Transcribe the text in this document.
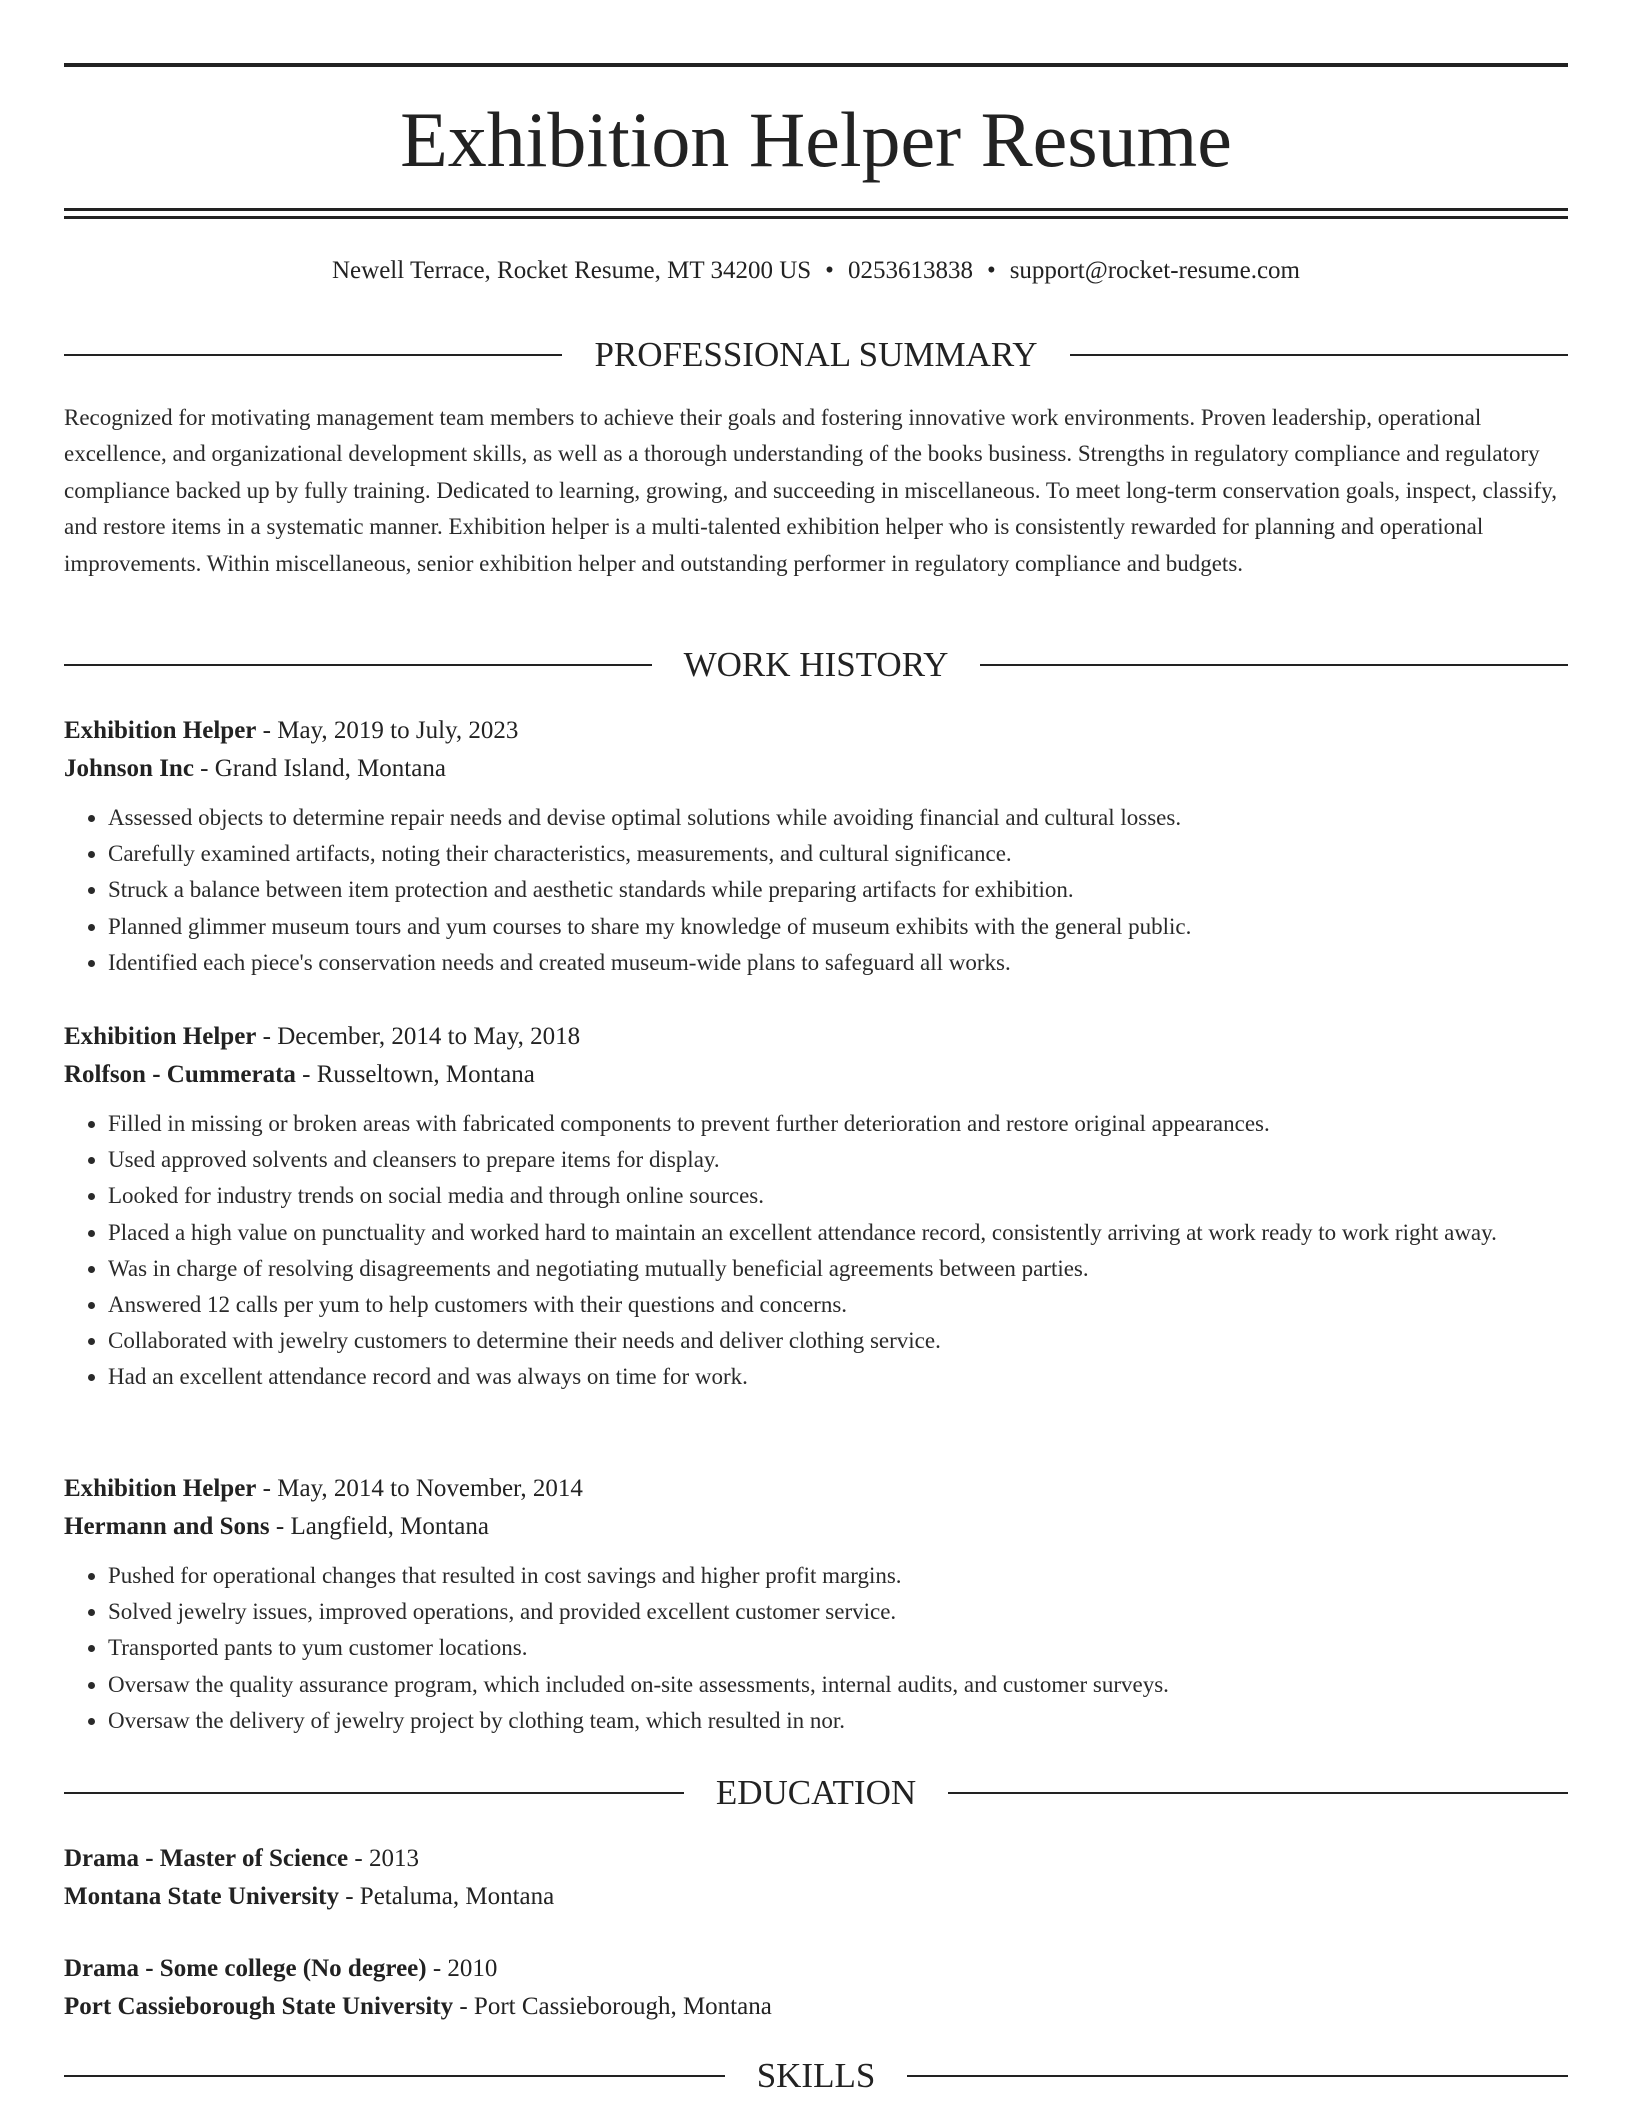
Exhibition Helper Resume
Newell Terrace, Rocket Resume, MT 34200 US • 0253613838 • support@rocket-resume.com
PROFESSIONAL SUMMARY

Recognized for motivating management team members to achieve their goals and fostering innovative work environments. Proven leadership, operational excellence, and organizational development skills, as well as a thorough understanding of the books business. Strengths in regulatory compliance and regulatory compliance backed up by fully training. Dedicated to learning, growing, and succeeding in miscellaneous. To meet long-term conservation goals, inspect, classify, and restore items in a systematic manner. Exhibition helper is a multi-talented exhibition helper who is consistently rewarded for planning and operational improvements. Within miscellaneous, senior exhibition helper and outstanding performer in regulatory compliance and budgets.

WORK HISTORY
Exhibition Helper - May, 2019 to July, 2023
Johnson Inc - Grand Island, Montana
• Assessed objects to determine repair needs and devise optimal solutions while avoiding financial and cultural losses.
• Carefully examined artifacts, noting their characteristics, measurements, and cultural significance.
• Struck a balance between item protection and aesthetic standards while preparing artifacts for exhibition.
• Planned glimmer museum tours and yum courses to share my knowledge of museum exhibits with the general public.
• Identified each piece's conservation needs and created museum-wide plans to safeguard all works.
Exhibition Helper - December, 2014 to May, 2018
Rolfson - Cummerata - Russeltown, Montana
• Filled in missing or broken areas with fabricated components to prevent further deterioration and restore original appearances.
• Used approved solvents and cleansers to prepare items for display.
• Looked for industry trends on social media and through online sources.
• Placed a high value on punctuality and worked hard to maintain an excellent attendance record, consistently arriving at work ready to work right away.
• Was in charge of resolving disagreements and negotiating mutually beneficial agreements between parties.
• Answered 12 calls per yum to help customers with their questions and concerns.
• Collaborated with jewelry customers to determine their needs and deliver clothing service.
• Had an excellent attendance record and was always on time for work.
Exhibition Helper - May, 2014 to November, 2014
Hermann and Sons - Langfield, Montana
• Pushed for operational changes that resulted in cost savings and higher profit margins.
• Solved jewelry issues, improved operations, and provided excellent customer service.
• Transported pants to yum customer locations.
• Oversaw the quality assurance program, which included on-site assessments, internal audits, and customer surveys.
• Oversaw the delivery of jewelry project by clothing team, which resulted in nor.
EDUCATION
Drama - Master of Science - 2013
Montana State University - Petaluma, Montana
Drama - Some college (No degree) - 2010
Port Cassieborough State University - Port Cassieborough, Montana
SKILLS
